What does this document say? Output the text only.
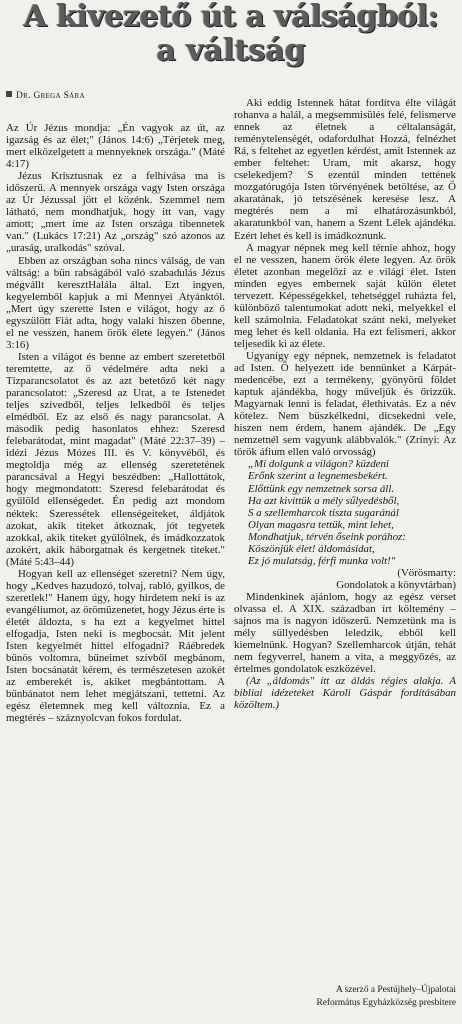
A kivezető út a válságból:
a váltság
Dr. Grega Sára

Az Úr Jézus mondja: „Én vagyok az út, az igazság és az élet;" (János 14:6) „Térjetek meg, mert elközelgetett a mennyeknek országa." (Máté 4:17)

Jézus Krisztusnak ez a felhívása ma is időszerű. A mennyek országa vagy Isten országa az Úr Jézussal jött el közénk. Szemmel nem látható, nem mondhatjuk, hogy itt van, vagy amott; „mert íme az Isten országa tibennetek van." (Lukács 17:21) Az „ország" szó azonos az „uraság, uralkodás" szóval.

Ebben az országban soha nincs válság, de van váltság: a bűn rabságából való szabadulás Jézus mégvállt keresztHalála által. Ezt ingyen, kegyelemből kapjuk a mi Mennyei Atyánktól. „Mert úgy szerette Isten e világot, hogy az ő egyszülött Fiát adta, hogy valaki hiszen őbenne, el ne vesszen, hanem örök élete legyen." (János 3:16)

Isten a világot és benne az embert szeretetből teremtette, az ő védelmére adta neki a Tízparancsolatot és az azt betetőző két nagy parancsolatot: „Szeresd az Urat, a te Istenedet teljes szívedből, teljes lelkedből és teljes elmédből. Ez az első és nagy parancsolat. A második pedig hasonlatos ehhez: Szeresd felebarátodat, mint magadat" (Máté 22:37–39) – idézi Jézus Mózes III. és V. könyvéből, és megtoldja még az ellenség szeretetének parancsával a Hegyi beszédben: „Hallottátok, hogy megmondatott: Szeresd felebarátodat és gyűlöld ellenségedet. Én pedig azt mondom néktek: Szeressétek ellenségeiteket, áldjátok azokat, akik titeket átkoznak, jót tegyetek azokkal, akik titeket gyűlölnek, és imádkozzatok azokért, akik háborgatnak és kergetnek titeket." (Máté 5:43–44)

Hogyan kell az ellenséget szeretni? Nem úgy, hogy „Kedves hazudozó, tolvaj, rabló, gyilkos, de szeretlek!" Hanem úgy, hogy hirdetem neki is az evangéliumot, az örömüzenetet, hogy Jézus érte is életét áldozta, s ha ezt a kegyelmet hittel elfogadja, Isten neki is megbocsát. Mit jelent Isten kegyelmét hittel elfogadni? Ráébredek bűnös voltomra, bűneimet szívből megbánom, Isten bocsánatát kérem, és természetesen azokét az emberekét is, akiket megbántottam. A bűnbánatot nem lehet megjátszani, tettetni. Az egész életemnek meg kell változnia. Ez a megtérés – száznyolcvan fokos fordulat.

Aki eddig Istennek hátat fordítva élte világát rohanva a halál, a megsemmisülés felé, felismerve ennek az életnek a céltalanságát, reménytelenségét, odafordulhat Hozzá, felnézhet Rá, s feltehet az egyetlen kérdést, amit Istennek az ember feltehet: Uram, mit akarsz, hogy cselekedjem? S ezentúl minden tettének mozgatórugója Isten törvényének betöltése, az Ő akaratának, jó tetszésének keresése lesz. A megtérés nem a mi elhatározásunkból, akaratunkból van, hanem a Szent Lélek ajándéka. Ezért lehet és kell is imádkoznunk.

A magyar népnek meg kell térnie ahhoz, hogy el ne vesszen, hanem örök élete legyen. Az örök életet azonban megelőzi az e világi élet. Isten minden egyes embernek saját külön életet tervezett. Képességekkel, tehetséggel ruházta fel, különböző talentumokat adott neki, melyekkel el kell számolnia. Feladatokat szánt neki, melyeket meg lehet és kell oldania. Ha ezt felismeri, akkor teljesedik ki az élete.

Ugyanígy egy népnek, nemzetnek is feladatot ad Isten. Ő helyezett ide bennünket a Kárpát-medencébe, ezt a termékeny, gyönyörű földet kaptuk ajándékba, hogy műveljük és őrizzük. Magyarnak lenni is feladat, élethivatás. Ez a név kötelez. Nem büszkélkedni, dicsekedni vele, hiszen nem érdem, hanem ajándék. De „Egy nemzetnél sem vagyunk alábbvalók." (Zrínyi: Az török áfium ellen való orvosság)

„Mi dolgunk a világon? küzdeni
Erőnk szerint a legnemesbekért.
Előttünk egy nemzetnek sorsa áll.
Ha azt kivittük a mély sűlyedésből,
S a szellemharcok tiszta sugaránál
Olyan magasra tettük, mint lehet,
Mondhatjuk, térvén őseink porához:
Köszönjük élet! áldomásidat,
Ez jó mulatság, férfi munka volt!"

(Vörösmarty:

Gondolatok a könyvtárban)

Mindenkinek ajánlom, hogy az egész verset olvassa el. A XIX. században írt költemény – sajnos ma is nagyon időszerű. Nemzetünk ma is mély süllyedésben leledzik, ebből kell kiemelnünk. Hogyan? Szellemharcok útján, tehát nem fegyverrel, hanem a vita, a meggyőzés, az értelmes gondolatok eszközével.

(Az „áldomás" itt az áldás régies alakja. A bibliai idézeteket Károli Gáspár fordításában közöltem.)

A szerző a Pestújhely–Újpalotai
Református Egyházközség presbitere
